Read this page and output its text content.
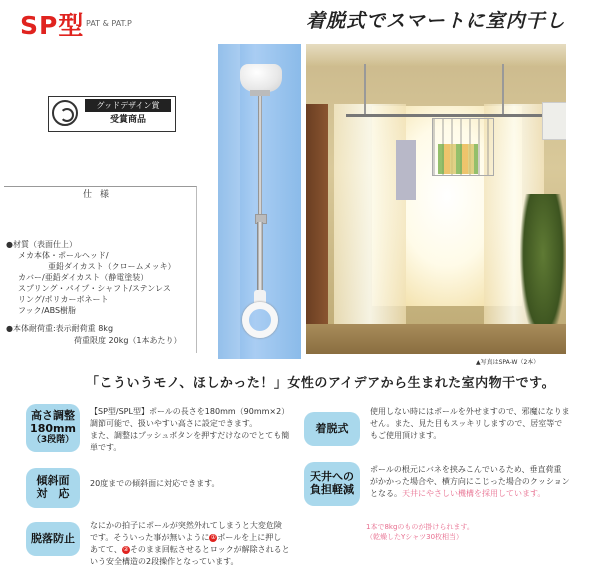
SP型 PAT & PAT.P	着脱式でスマートに室内干し
グッドデザイン賞
受賞商品
仕様
●材質（表面仕上）
メカ本体・ポールヘッド/
亜鉛ダイカスト（クロームメッキ）
カバー/亜鉛ダイカスト（静電塗装）
スプリング・パイプ・シャフト/ステンレス
リング/ポリカーボネート
フック/ABS樹脂
●本体耐荷重:表示耐荷重 8kg
荷重限度 20kg（1本あたり）
▲写真はSPA-W（2本）
「こういうモノ、ほしかった！」女性のアイデアから生まれた室内物干です。
高さ調整
180mm
（3段階）
【SP型/SPL型】ポールの長さを180mm（90mm×2）
調節可能で、扱いやすい高さに設定できます。
また、調整はプッシュボタンを押すだけなのでとても簡
単です。
傾斜面
対　応
20度までの傾斜面に対応できます。
脱落防止
なにかの拍子にポールが突然外れてしまうと大変危険
です。そういった事が無いように①ポールを上に押し
あてて、②そのまま回転させるとロックが解除されると
いう安全構造の2段操作となっています。
着脱式
使用しない時にはポールを外せますので、邪魔になりま
せん。また、見た目もスッキリしますので、居室等で
もご使用頂けます。
天井への
負担軽減
ポールの根元にバネを挟みこんでいるため、垂直荷重
がかかった場合や、横方向にこじった場合のクッション
となる。天井にやさしい機構を採用しています。
1本で8kgのものが掛けられます。
（乾燥したYシャツ30枚相当）
